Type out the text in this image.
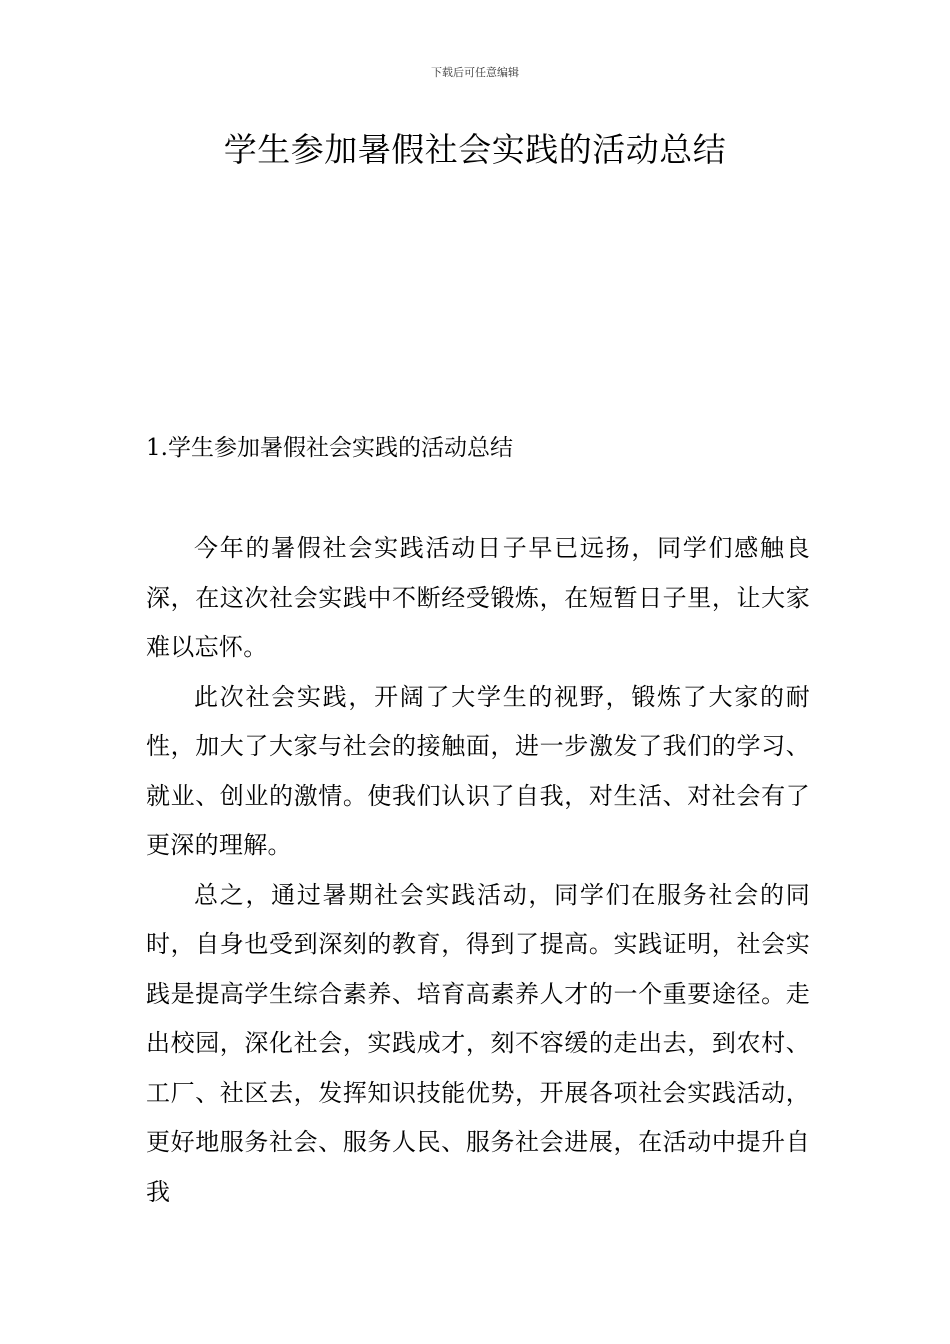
下载后可任意编辑
学生参加暑假社会实践的活动总结
1.学生参加暑假社会实践的活动总结

今年的暑假社会实践活动日子早已远扬，同学们感触良深，在这次社会实践中不断经受锻炼，在短暂日子里，让大家难以忘怀。

此次社会实践，开阔了大学生的视野，锻炼了大家的耐性，加大了大家与社会的接触面，进一步激发了我们的学习、就业、创业的激情。使我们认识了自我，对生活、对社会有了更深的理解。

总之，通过暑期社会实践活动，同学们在服务社会的同时，自身也受到深刻的教育，得到了提高。实践证明，社会实践是提高学生综合素养、培育高素养人才的一个重要途径。走出校园，深化社会，实践成才，刻不容缓的走出去，到农村、工厂、社区去，发挥知识技能优势，开展各项社会实践活动，更好地服务社会、服务人民、服务社会进展，在活动中提升自我
